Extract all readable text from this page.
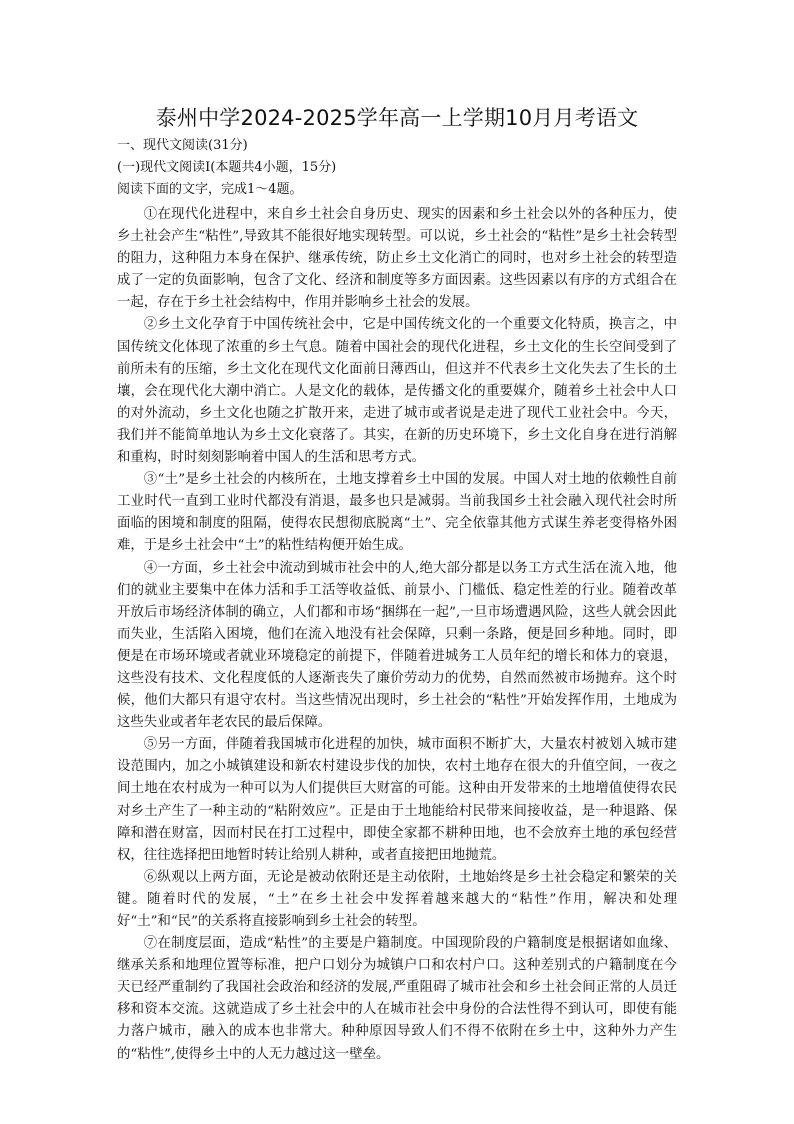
泰州中学2024-2025学年高一上学期10月月考语文
一、现代文阅读(31分)
(一)现代文阅读Ⅰ(本题共4小题，15分)
阅读下面的文字，完成1～4题。

①在现代化进程中，来自乡土社会自身历史、现实的因素和乡土社会以外的各种压力，使乡土社会产生“粘性”,导致其不能很好地实现转型。可以说，乡土社会的“粘性”是乡土社会转型的阻力，这种阻力本身在保护、继承传统，防止乡土文化消亡的同时，也对乡土社会的转型造成了一定的负面影响，包含了文化、经济和制度等多方面因素。这些因素以有序的方式组合在一起，存在于乡土社会结构中，作用并影响乡土社会的发展。

②乡土文化孕育于中国传统社会中，它是中国传统文化的一个重要文化特质，换言之，中国传统文化体现了浓重的乡土气息。随着中国社会的现代化进程，乡土文化的生长空间受到了前所未有的压缩，乡土文化在现代文化面前日薄西山，但这并不代表乡土文化失去了生长的土壤，会在现代化大潮中消亡。人是文化的载体，是传播文化的重要媒介，随着乡土社会中人口的对外流动，乡土文化也随之扩散开来，走进了城市或者说是走进了现代工业社会中。今天，我们并不能简单地认为乡土文化衰落了。其实，在新的历史环境下，乡土文化自身在进行消解和重构，时时刻刻影响着中国人的生活和思考方式。

③“土”是乡土社会的内核所在，土地支撑着乡土中国的发展。中国人对土地的依赖性自前工业时代一直到工业时代都没有消退，最多也只是减弱。当前我国乡土社会融入现代社会时所面临的困境和制度的阻隔，使得农民想彻底脱离“土”、完全依靠其他方式谋生养老变得格外困难，于是乡土社会中“土”的粘性结构便开始生成。

④一方面，乡土社会中流动到城市社会中的人,绝大部分都是以务工方式生活在流入地，他们的就业主要集中在体力活和手工活等收益低、前景小、门槛低、稳定性差的行业。随着改革开放后市场经济体制的确立，人们都和市场“捆绑在一起”,一旦市场遭遇风险，这些人就会因此而失业，生活陷入困境，他们在流入地没有社会保障，只剩一条路，便是回乡种地。同时，即便是在市场环境或者就业环境稳定的前提下，伴随着进城务工人员年纪的增长和体力的衰退，这些没有技术、文化程度低的人逐渐丧失了廉价劳动力的优势，自然而然被市场抛弃。这个时候，他们大都只有退守农村。当这些情况出现时，乡土社会的“粘性”开始发挥作用，土地成为这些失业或者年老农民的最后保障。

⑤另一方面，伴随着我国城市化进程的加快，城市面积不断扩大，大量农村被划入城市建设范围内，加之小城镇建设和新农村建设步伐的加快，农村土地存在很大的升值空间，一夜之间土地在农村成为一种可以为人们提供巨大财富的可能。这种由开发带来的土地增值使得农民对乡土产生了一种主动的“粘附效应”。正是由于土地能给村民带来间接收益，是一种退路、保障和潜在财富，因而村民在打工过程中，即使全家都不耕种田地，也不会放弃土地的承包经营权，往往选择把田地暂时转让给别人耕种，或者直接把田地抛荒。

⑥纵观以上两方面，无论是被动依附还是主动依附，土地始终是乡土社会稳定和繁荣的关键。随着时代的发展，“土”在乡土社会中发挥着越来越大的“粘性”作用，解决和处理好“土”和“民”的关系将直接影响到乡土社会的转型。

⑦在制度层面，造成“粘性”的主要是户籍制度。中国现阶段的户籍制度是根据诸如血缘、继承关系和地理位置等标准，把户口划分为城镇户口和农村户口。这种差别式的户籍制度在今天已经严重制约了我国社会政治和经济的发展,严重阻碍了城市社会和乡土社会间正常的人员迁移和资本交流。这就造成了乡土社会中的人在城市社会中身份的合法性得不到认可，即使有能力落户城市，融入的成本也非常大。种种原因导致人们不得不依附在乡土中，这种外力产生的“粘性”,使得乡土中的人无力越过这一壁垒。
